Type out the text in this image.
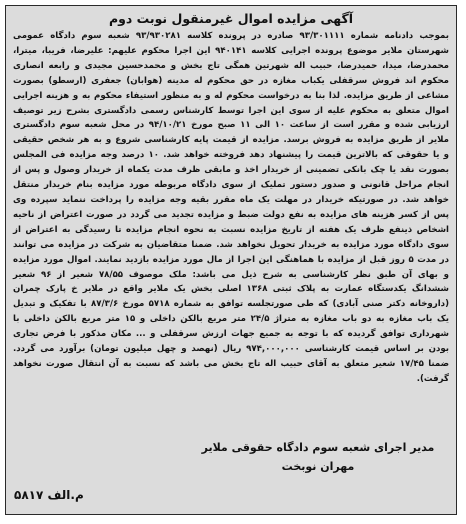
آگهی مزایده اموال غیرمنقول نوبت دوم
بموجب دادنامه شماره ۹۳/۳۰۱۱۱۱ صادره در پرونده کلاسه ۹۳/۹۳۰۲۸۱ شعبه سوم دادگاه عمومی شهرستان ملایر موضوع پرونده اجرایی کلاسه ۹۴۰۱۴۱ این اجرا محکوم علیهم: علیرضا، فریبا، میترا، محمدرضا، میدا، حمیدرضا، حبیب اله شهرتین همگی تاج بخش و محمدحسین مجیدی و رابعه انصاری محکوم اند فروش سرقفلی یکباب مغازه در حق محکوم له مدینه (هوابان) جعفری (ارسطو) بصورت مشاعی از طریق مزایده. لذا بنا به درخواست محکوم له و به منظور استیفاء محکوم به و هزینه اجرایی اموال متعلق به محکوم علیه از سوی این اجرا توسط کارشناس رسمی دادگستری بشرح زیر توصیف ارزیابی شده و مقرر است از ساعت ۱۰ الی ۱۱ صبح مورخ ۹۴/۱۰/۲۱ در محل شعبه سوم دادگستری ملایر از طریق مزایده به فروش برسد. مزایده از قیمت پایه کارشناسی شروع و به هر شخص حقیقی و یا حقوقی که بالاترین قیمت را پیشنهاد دهد فروخته خواهد شد. ۱۰ درصد وجه مزایده فی المجلس بصورت نقد یا چک بانکی تضمینی از خریدار اخذ و مابقی ظرف مدت یکماه از خریدار وصول و پس از انجام مراحل قانونی و صدور دستور تملیک از سوی دادگاه مربوطه مورد مزایده بنام خریدار منتقل خواهد شد. در صورتیکه خریدار در مهلت یک ماه مقرر بقیه وجه مزایده را پرداخت ننماید سپرده وی پس از کسر هزینه های مزایده به نفع دولت ضبط و مزایده تجدید می گردد در صورت اعتراض از ناحیه اشخاص ذینفع ظرف یک هفته از تاریخ مزایده نسبت به نحوه انجام مزایده تا رسیدگی به اعتراض از سوی دادگاه مورد مزایده به خریدار تحویل نخواهد شد. ضمنا متقاضیان به شرکت در مزایده می توانند در مدت ۵ روز قبل از مزایده با هماهنگی این اجرا از مال مورد مزایده بازدید نمایند. اموال مورد مزایده و بهای آن طبق نظر کارشناسی به شرح ذیل می باشد: ملک موصوف ۷۸/۵۵ شعیر از ۹۶ شعیر ششدانگ یکدستگاه عمارت به پلاک ثبتی ۱۳۶۸ اصلی بخش یک ملایر واقع در ملایر خ پارک چمران (داروخانه دکتر صنی آبادی) که طی صورتجلسه توافق به شماره ۵۷۱۸ مورخ ۸۷/۳/۶ با تفکیک و تبدیل یک باب مغازه به دو باب مغازه به متراژ ۲۴/۵ متر مربع بالکن داخلی و ۱۵ متر مربع بالکن داخلی با شهرداری توافق گردیده که با توجه به جمیع جهات ارزش سرقفلی و ... مکان مذکور با فرض تجاری بودن بر اساس قیمت کارشناسی ۹۷۴,۰۰۰,۰۰۰ ریال (نهصد و چهل میلیون تومان) برآورد می گردد. ضمنا ۱۷/۴۵ شعیر متعلق به آقای حبیب اله تاج بخش می باشد که نسبت به آن انتقال صورت نخواهد گرفت).
مدیر اجرای شعبه سوم دادگاه حقوقی ملایر
مهران نوبخت
۵۸۱۷ م.الف
